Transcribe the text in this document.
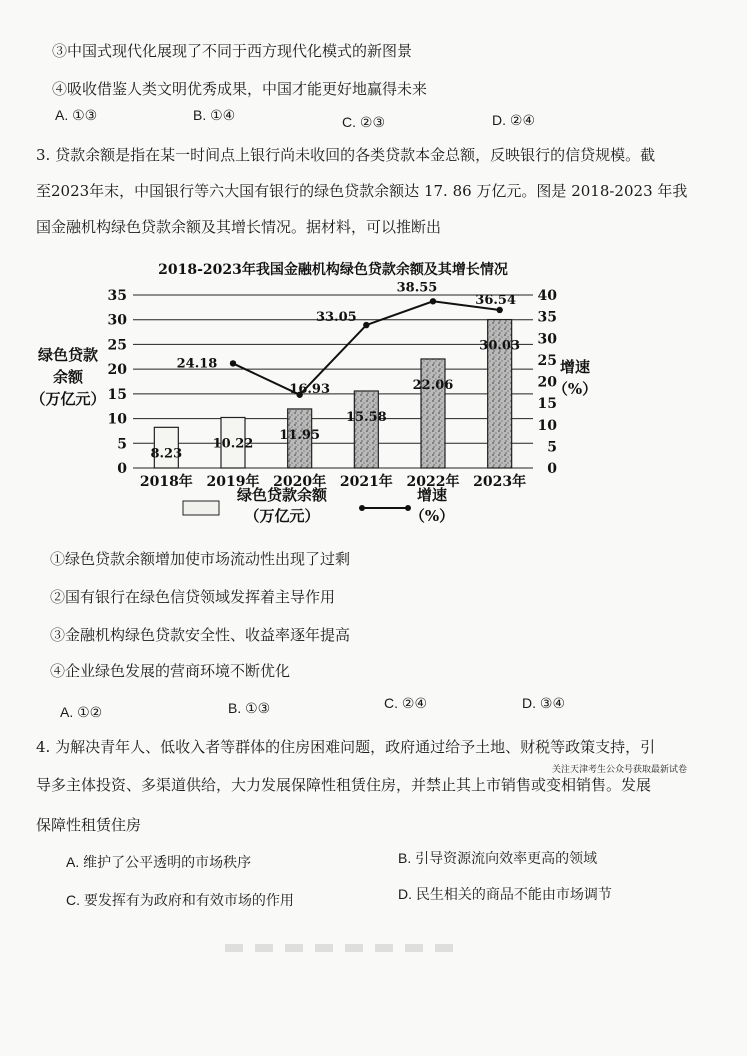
③中国式现代化展现了不同于西方现代化模式的新图景
④吸收借鉴人类文明优秀成果，中国才能更好地赢得未来
A. ①③	B. ①④	C. ②③	D. ②④
3. 贷款余额是指在某一时间点上银行尚未收回的各类贷款本金总额，反映银行的信贷规模。截
至2023年末，中国银行等六大国有银行的绿色贷款余额达 17. 86 万亿元。图是 2018-2023 年我
国金融机构绿色贷款余额及其增长情况。据材料，可以推断出
2018-2023年我国金融机构绿色贷款余额及其增长情况
8.23
10.22
11.95
15.58
22.06
30.03
24.18
16.93
33.05
38.55
36.54
0
5
10
15
20
25
30
35
0
5
10
15
20
25
30
35
40
绿色贷款
余额
（万亿元）
增速
（%）
2018年 2019年 2020年 2021年 2022年 2023年
绿色贷款余额
（万亿元）
增速
（%）
①绿色贷款余额增加使市场流动性出现了过剩
②国有银行在绿色信贷领域发挥着主导作用
③金融机构绿色贷款安全性、收益率逐年提高
④企业绿色发展的营商环境不断优化
A. ①②	B. ①③	C. ②④	D. ③④
4. 为解决青年人、低收入者等群体的住房困难问题，政府通过给予土地、财税等政策支持，引
关注天津考生公众号获取最新试卷
导多主体投资、多渠道供给，大力发展保障性租赁住房，并禁止其上市销售或变相销售。发展
保障性租赁住房
A. 维护了公平透明的市场秩序	B. 引导资源流向效率更高的领域
C. 要发挥有为政府和有效市场的作用	D. 民生相关的商品不能由市场调节
